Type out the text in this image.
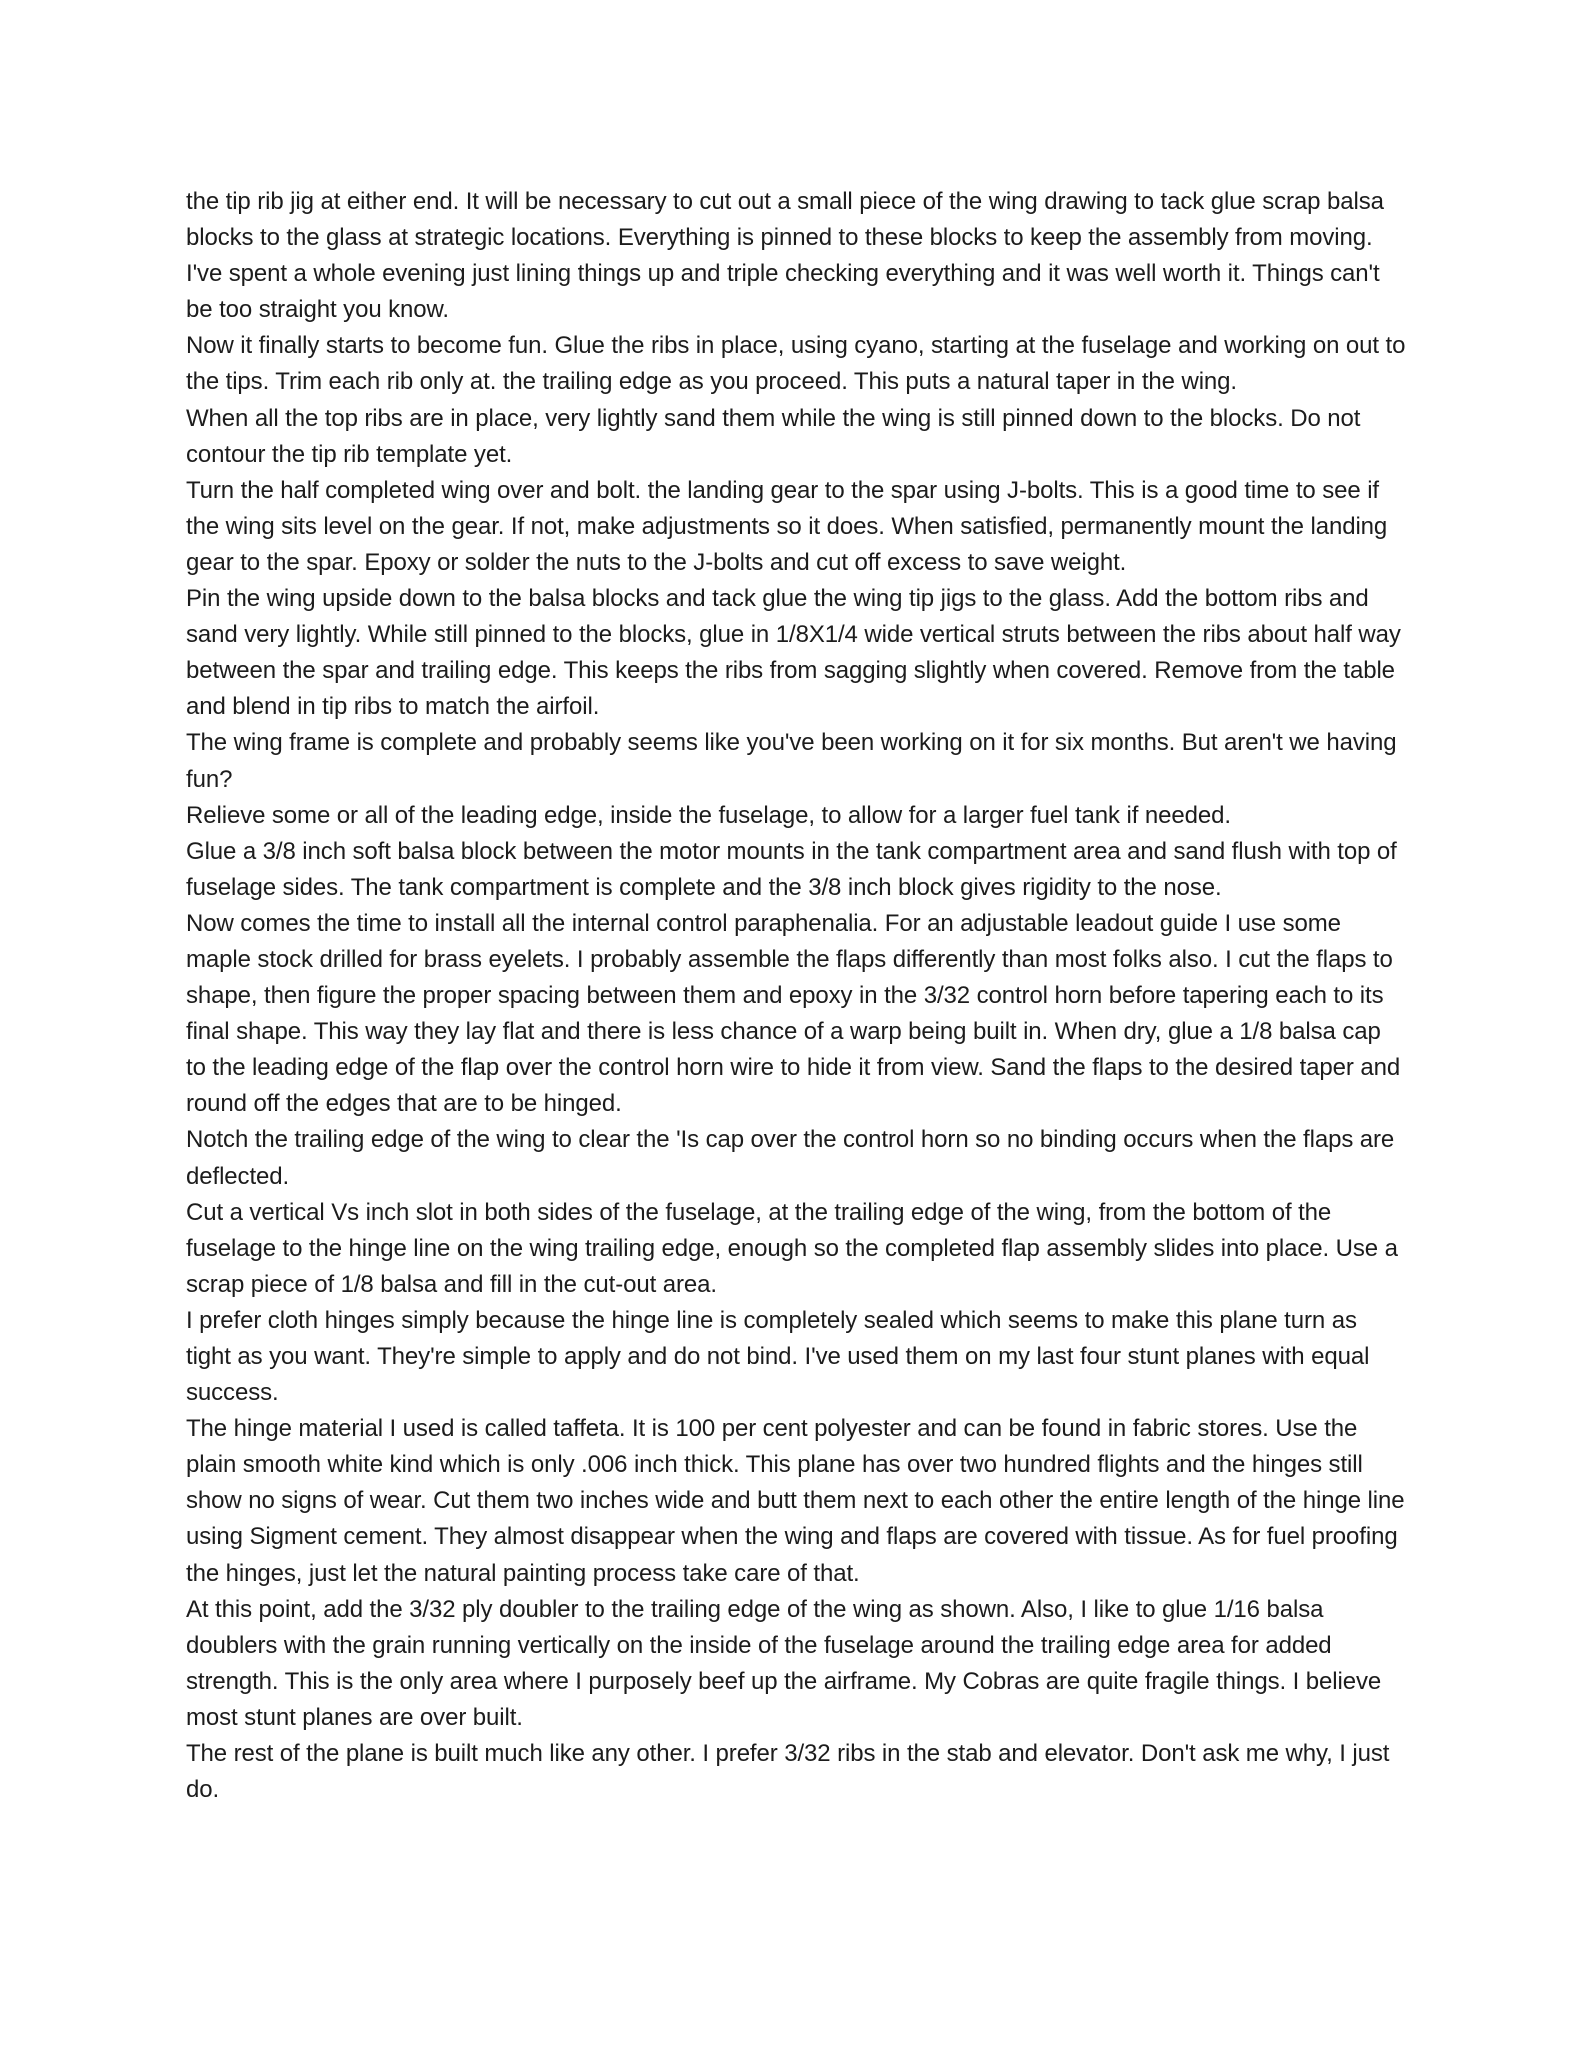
the tip rib jig at either end. It will be necessary to cut out a small piece of the wing drawing to tack glue scrap balsa blocks to the glass at strategic locations. Everything is pinned to these blocks to keep the assembly from moving. I've spent a whole evening just lining things up and triple checking everything and it was well worth it. Things can't be too straight you know.

Now it finally starts to become fun. Glue the ribs in place, using cyano, starting at the fuselage and working on out to the tips. Trim each rib only at. the trailing edge as you proceed. This puts a natural taper in the wing.

When all the top ribs are in place, very lightly sand them while the wing is still pinned down to the blocks. Do not contour the tip rib template yet.

Turn the half completed wing over and bolt. the landing gear to the spar using J-bolts. This is a good time to see if the wing sits level on the gear. If not, make adjustments so it does. When satisfied, permanently mount the landing gear to the spar. Epoxy or solder the nuts to the J-bolts and cut off excess to save weight.

Pin the wing upside down to the balsa blocks and tack glue the wing tip jigs to the glass. Add the bottom ribs and sand very lightly. While still pinned to the blocks, glue in 1/8X1/4 wide vertical struts between the ribs about half way between the spar and trailing edge. This keeps the ribs from sagging slightly when covered. Remove from the table and blend in tip ribs to match the airfoil.

The wing frame is complete and probably seems like you've been working on it for six months. But aren't we having fun?

Relieve some or all of the leading edge, inside the fuselage, to allow for a larger fuel tank if needed.

Glue a 3/8 inch soft balsa block between the motor mounts in the tank compartment area and sand flush with top of fuselage sides. The tank compartment is complete and the 3/8 inch block gives rigidity to the nose.

Now comes the time to install all the internal control paraphenalia. For an adjustable leadout guide I use some maple stock drilled for brass eyelets. I probably assemble the flaps differently than most folks also. I cut the flaps to shape, then figure the proper spacing between them and epoxy in the 3/32 control horn before tapering each to its final shape. This way they lay flat and there is less chance of a warp being built in. When dry, glue a 1/8 balsa cap to the leading edge of the flap over the control horn wire to hide it from view. Sand the flaps to the desired taper and round off the edges that are to be hinged.

Notch the trailing edge of the wing to clear the 'Is cap over the control horn so no binding occurs when the flaps are deflected.

Cut a vertical Vs inch slot in both sides of the fuselage, at the trailing edge of the wing, from the bottom of the fuselage to the hinge line on the wing trailing edge, enough so the completed flap assembly slides into place. Use a scrap piece of 1/8 balsa and fill in the cut-out area.

I prefer cloth hinges simply because the hinge line is completely sealed which seems to make this plane turn as tight as you want. They're simple to apply and do not bind. I've used them on my last four stunt planes with equal success.

The hinge material I used is called taffeta. It is 100 per cent polyester and can be found in fabric stores. Use the plain smooth white kind which is only .006 inch thick. This plane has over two hundred flights and the hinges still show no signs of wear. Cut them two inches wide and butt them next to each other the entire length of the hinge line using Sigment cement. They almost disappear when the wing and flaps are covered with tissue. As for fuel proofing the hinges, just let the natural painting process take care of that.

At this point, add the 3/32 ply doubler to the trailing edge of the wing as shown. Also, I like to glue 1/16 balsa doublers with the grain running vertically on the inside of the fuselage around the trailing edge area for added strength. This is the only area where I purposely beef up the airframe. My Cobras are quite fragile things. I believe most stunt planes are over built.

The rest of the plane is built much like any other. I prefer 3/32 ribs in the stab and elevator. Don't ask me why, I just do.
